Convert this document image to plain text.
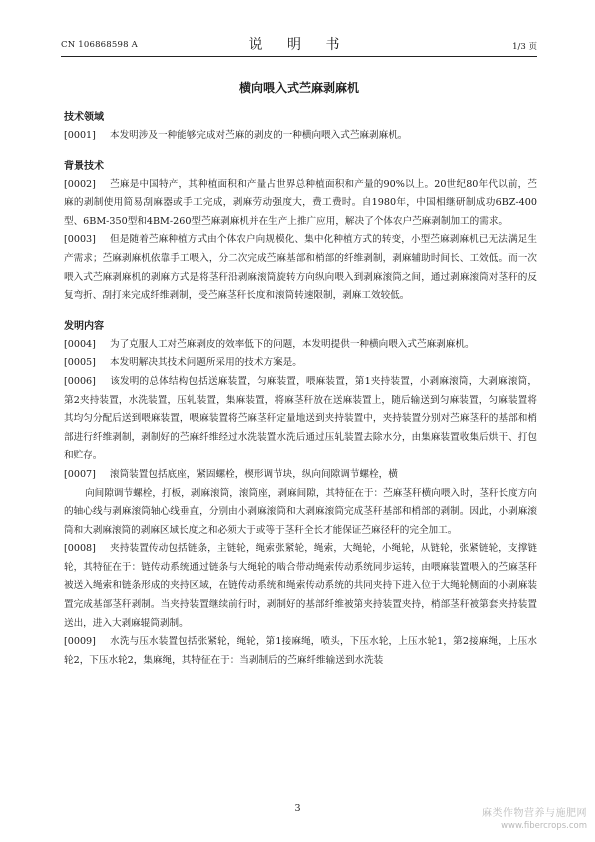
CN 106868598 A	说 明 书	1/3 页
横向喂入式苎麻剥麻机
技术领域

[0001] 本发明涉及一种能够完成对苎麻的剥皮的一种横向喂入式苎麻剥麻机。

背景技术

[0002] 苎麻是中国特产，其种植面积和产量占世界总种植面积和产量的90%以上。20世纪80年代以前，苎麻的剥制使用简易刮麻器或手工完成，剥麻劳动强度大，费工费时。自1980年，中国相继研制成功6BZ-400型、6BM-350型和4BM-260型苎麻剥麻机并在生产上推广应用，解决了个体农户苎麻剥制加工的需求。

[0003] 但是随着苎麻种植方式由个体农户向规模化、集中化种植方式的转变，小型苎麻剥麻机已无法满足生产需求；苎麻剥麻机依靠手工喂入，分二次完成苎麻基部和梢部的纤维剥制，剥麻辅助时间长、工效低。而一次喂入式苎麻剥麻机的剥麻方式是将茎秆沿剥麻滚筒旋转方向纵向喂入到剥麻滚筒之间，通过剥麻滚筒对茎秆的反复弯折、刮打来完成纤维剥制，受苎麻茎秆长度和滚筒转速限制，剥麻工效较低。

发明内容

[0004] 为了克服人工对苎麻剥皮的效率低下的问题，本发明提供一种横向喂入式苎麻剥麻机。

[0005] 本发明解决其技术问题所采用的技术方案是。

[0006] 该发明的总体结构包括送麻装置，匀麻装置，喂麻装置，第1夹持装置，小剥麻滚筒，大剥麻滚筒，第2夹持装置，水洗装置，压轧装置，集麻装置，将麻茎秆放在送麻装置上，随后输送到匀麻装置，匀麻装置将其均匀分配后送到喂麻装置，喂麻装置将苎麻茎秆定量地送到夹持装置中，夹持装置分别对苎麻茎秆的基部和梢部进行纤维剥制，剥制好的苎麻纤维经过水洗装置水洗后通过压轧装置去除水分，由集麻装置收集后烘干、打包和贮存。

[0007] 滚筒装置包括底座，紧固螺栓，楔形调节块，纵向间隙调节螺栓，横

向间隙调节螺栓，打板，剥麻滚筒，滚筒座，剥麻间隙，其特征在于：苎麻茎秆横向喂入时，茎秆长度方向的轴心线与剥麻滚筒轴心线垂直，分别由小剥麻滚筒和大剥麻滚筒完成茎秆基部和梢部的剥制。因此，小剥麻滚筒和大剥麻滚筒的剥麻区域长度之和必须大于或等于茎秆全长才能保证苎麻径秆的完全加工。

[0008] 夹持装置传动包括链条，主链轮，绳索张紧轮，绳索，大绳轮，小绳轮，从链轮，张紧链轮，支撑链轮，其特征在于：链传动系统通过链条与大绳轮的啮合带动绳索传动系统同步运转，由喂麻装置喂入的苎麻茎秆被送入绳索和链条形成的夹持区域，在链传动系统和绳索传动系统的共同夹持下进入位于大绳轮侧面的小剥麻装置完成基部茎秆剥制。当夹持装置继续前行时，剥制好的基部纤维被第夹持装置夹持，梢部茎秆被第套夹持装置送出，进入大剥麻辊筒剥制。

[0009] 水洗与压水装置包括张紧轮，绳轮，第1接麻绳，喷头，下压水轮，上压水轮1，第2接麻绳，上压水轮2，下压水轮2，集麻绳，其特征在于：当剥制后的苎麻纤维输送到水洗装

3	麻类作物营养与施肥网
www.fibercrops.com
